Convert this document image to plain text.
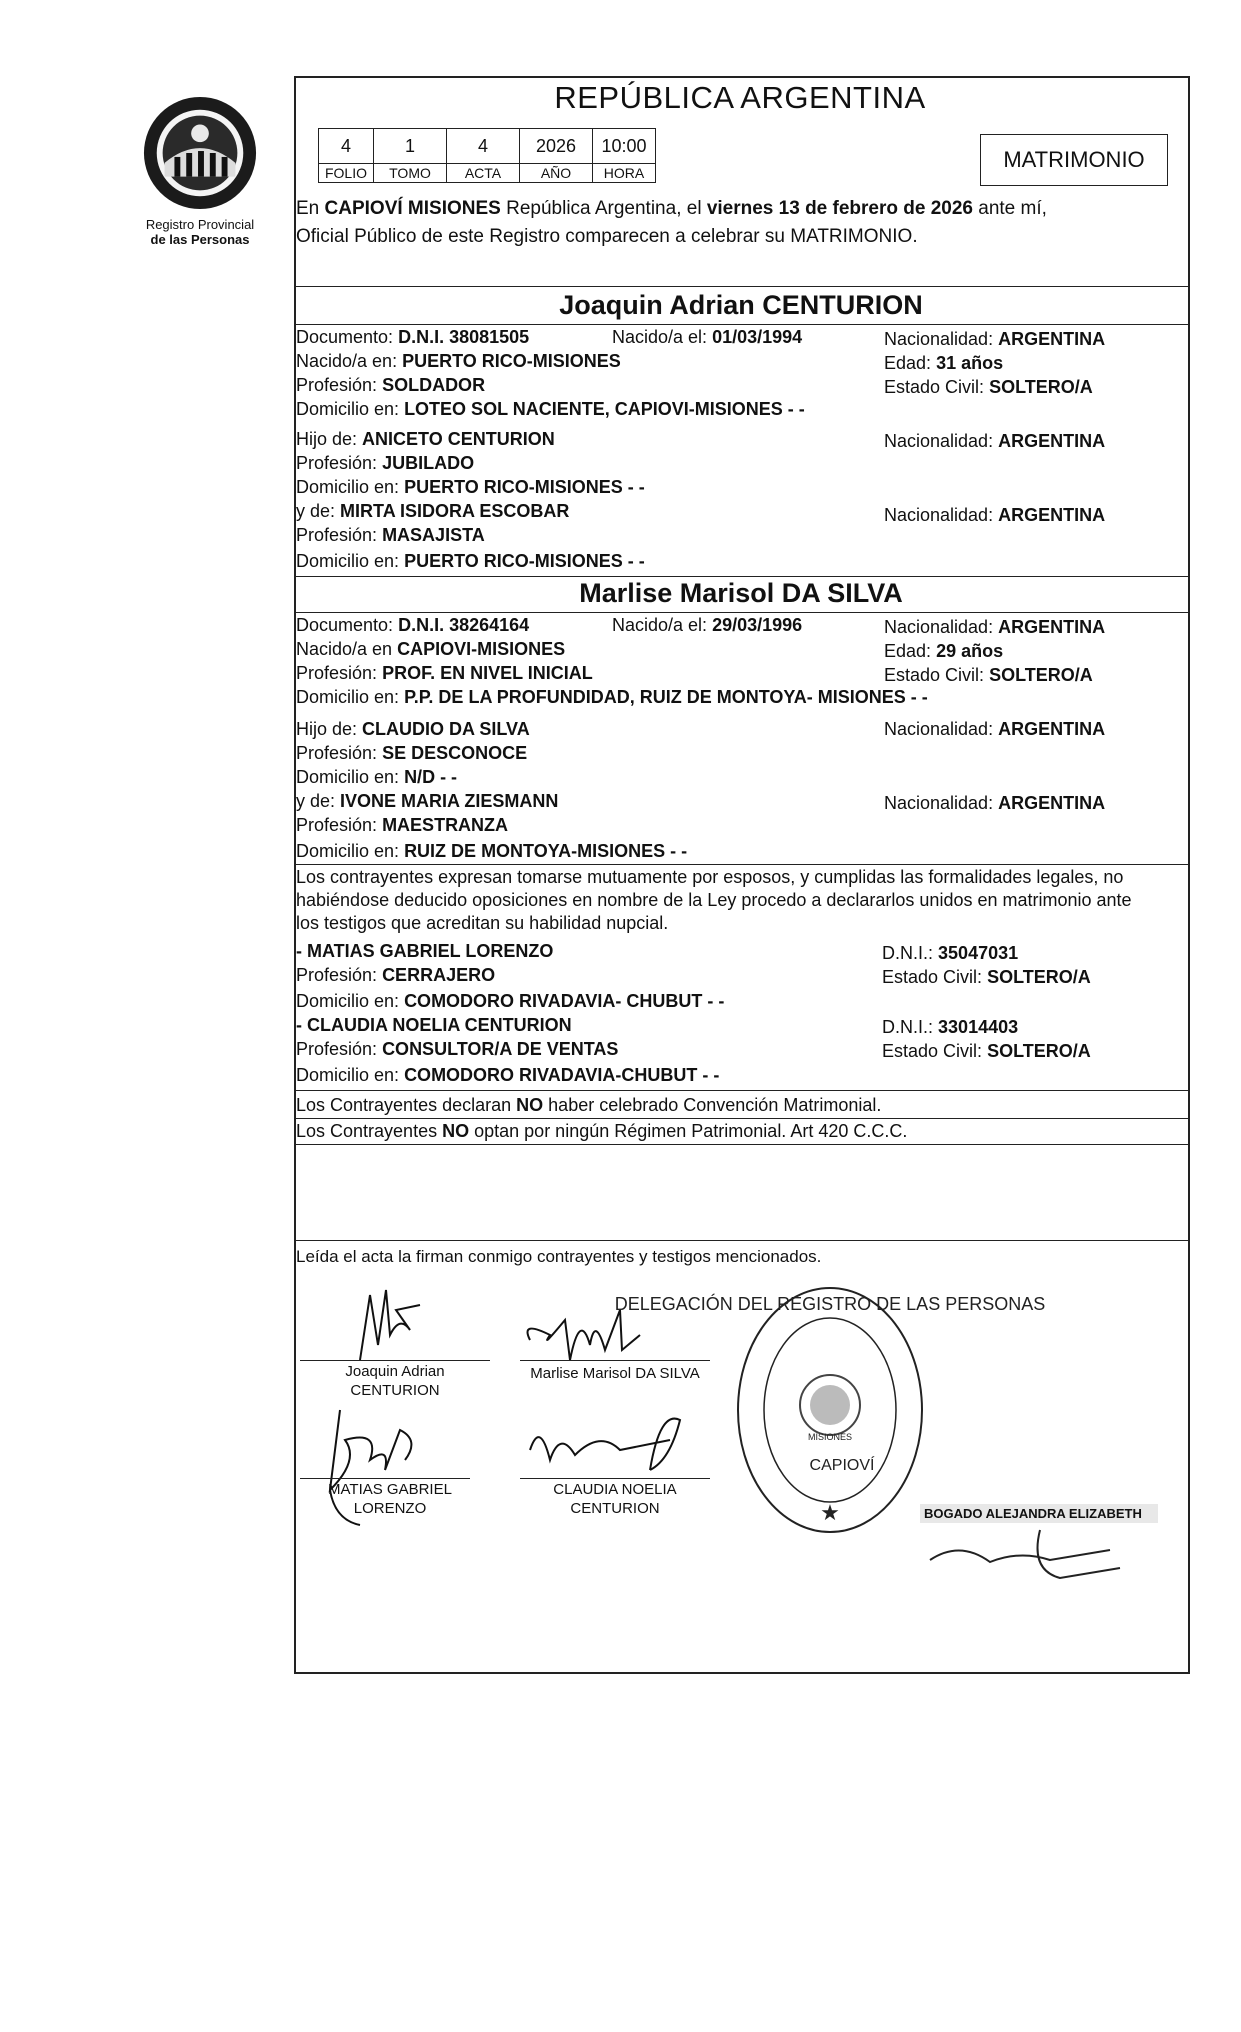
Registro Provincial
de las Personas
REPÚBLICA ARGENTINA
4	1	4	2026	10:00
FOLIO	TOMO	ACTA	AÑO	HORA
MATRIMONIO
En CAPIOVÍ MISIONES República Argentina, el viernes 13 de febrero de 2026 ante mí,
Oficial Público de este Registro comparecen a celebrar su MATRIMONIO.
Joaquin Adrian CENTURION
Documento: D.N.I. 38081505	Nacido/a el: 01/03/1994	Nacionalidad: ARGENTINA
Nacido/a en: PUERTO RICO-MISIONES	Edad: 31 años
Profesión: SOLDADOR	Estado Civil: SOLTERO/A
Domicilio en: LOTEO SOL NACIENTE, CAPIOVI-MISIONES - -
Hijo de: ANICETO CENTURION	Nacionalidad: ARGENTINA
Profesión: JUBILADO
Domicilio en: PUERTO RICO-MISIONES - -
y de: MIRTA ISIDORA ESCOBAR	Nacionalidad: ARGENTINA
Profesión: MASAJISTA
Domicilio en: PUERTO RICO-MISIONES - -
Marlise Marisol DA SILVA
Documento: D.N.I. 38264164	Nacido/a el: 29/03/1996	Nacionalidad: ARGENTINA
Nacido/a en CAPIOVI-MISIONES	Edad: 29 años
Profesión: PROF. EN NIVEL INICIAL	Estado Civil: SOLTERO/A
Domicilio en: P.P. DE LA PROFUNDIDAD, RUIZ DE MONTOYA- MISIONES - -
Hijo de: CLAUDIO DA SILVA	Nacionalidad: ARGENTINA
Profesión: SE DESCONOCE
Domicilio en: N/D - -
y de: IVONE MARIA ZIESMANN	Nacionalidad: ARGENTINA
Profesión: MAESTRANZA
Domicilio en: RUIZ DE MONTOYA-MISIONES - -
Los contrayentes expresan tomarse mutuamente por esposos, y cumplidas las formalidades legales, no
habiéndose deducido oposiciones en nombre de la Ley procedo a declararlos unidos en matrimonio ante
los testigos que acreditan su habilidad nupcial.
- MATIAS GABRIEL LORENZO	D.N.I.: 35047031
Profesión: CERRAJERO	Estado Civil: SOLTERO/A
Domicilio en: COMODORO RIVADAVIA- CHUBUT - -
- CLAUDIA NOELIA CENTURION	D.N.I.: 33014403
Profesión: CONSULTOR/A DE VENTAS	Estado Civil: SOLTERO/A
Domicilio en: COMODORO RIVADAVIA-CHUBUT - -
Los Contrayentes declaran NO haber celebrado Convención Matrimonial.
Los Contrayentes NO optan por ningún Régimen Patrimonial. Art 420 C.C.C.
Leída el acta la firman conmigo contrayentes y testigos mencionados.
Joaquin Adrian
CENTURION
Marlise Marisol DA SILVA
MATIAS GABRIEL
LORENZO
CLAUDIA NOELIA
CENTURION
DELEGACIÓN DEL REGISTRO DE LAS PERSONAS
CAPIOVÍ
MISIONES
★	BOGADO ALEJANDRA ELIZABETH
